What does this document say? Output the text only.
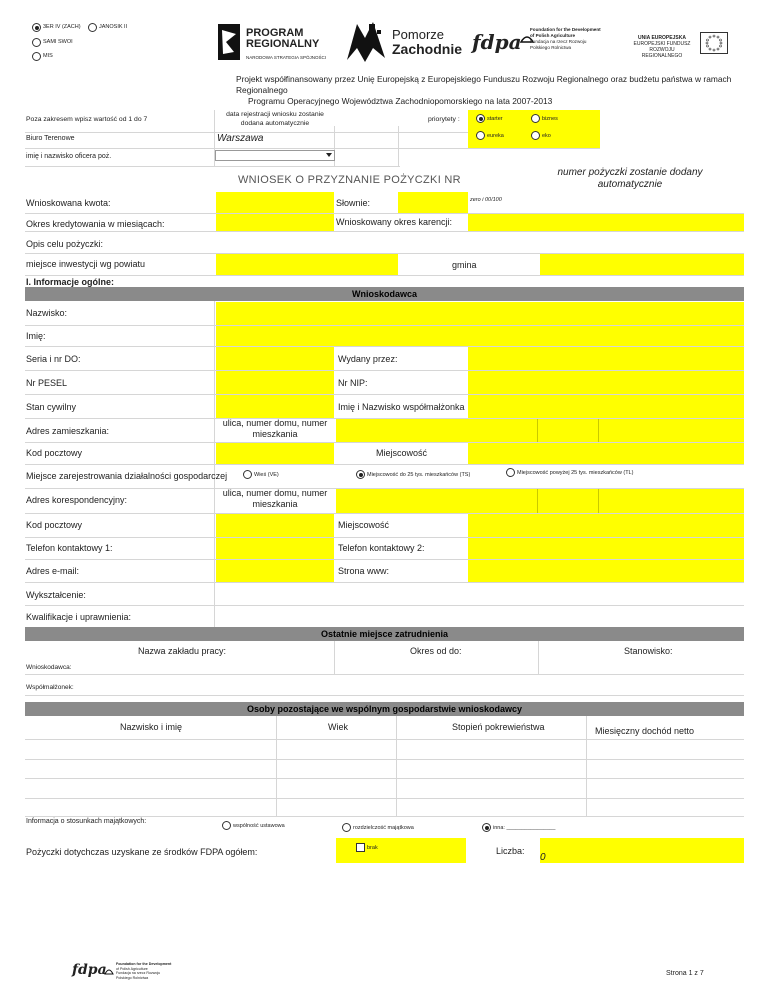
3ER IV (ZACH)	JANOSIK II
SAMI SWOI
MIS
PROGRAM
REGIONALNY
NARODOWA STRATEGIA SPÓJNOŚCI
Pomorze
Zachodnie fdpa
Foundation for the Development
of Polish Agriculture
Fundacja na rzecz Rozwoju
Polskiego Rolnictwa
UNIA EUROPEJSKA
EUROPEJSKI FUNDUSZ
ROZWOJU REGIONALNEGO
Projekt współfinansowany przez Unię Europejską z Europejskiego Funduszu Rozwoju Regionalnego oraz budżetu państwa w ramach Regionalnego
Programu Operacyjnego Województwa Zachodniopomorskiego na lata 2007-2013
Poza zakresem wpisz wartość od 1 do 7
data rejestracji wniosku zostanie
dodana automatycznie
priorytety :	starter	biznes
eureka	eko
Biuro Terenowe	Warszawa
imię i nazwisko oficera poż.
WNIOSEK O PRZYZNANIE POŻYCZKI NR
numer pożyczki zostanie dodany
automatycznie
Wnioskowana kwota:	Słownie:	zero i 00/100
Okres kredytowania w miesiącach:	Wnioskowany okres karencji:
Opis celu pożyczki:
miejsce inwestycji wg powiatu	gmina
I. Informacje ogólne:
Wnioskodawca
Nazwisko:
Imię:
Seria i nr DO:	Wydany przez:
Nr PESEL	Nr NIP:
Stan cywilny	Imię i Nazwisko współmałżonka
Adres zamieszkania:
ulica, numer domu, numer
mieszkania
Kod pocztowy	Miejscowość
Miejsce zarejestrowania działalności gospodarczej	Wieś (VE)	Miejscowość do 25 tys. mieszkańców (TS)	Miejscowość powyżej 25 tys. mieszkańców (TL)
Adres korespondencyjny:
ulica, numer domu, numer
mieszkania
Kod pocztowy	Miejscowość
Telefon kontaktowy 1:	Telefon kontaktowy 2:
Adres e-mail:	Strona www:
Wykształcenie:
Kwalifikacje i uprawnienia:
Ostatnie miejsce zatrudnienia
Nazwa zakładu pracy:	Okres od do:	Stanowisko:
Wnioskodawca:
Współmałżonek:
Osoby pozostające we wspólnym gospodarstwie wnioskodawcy
Nazwisko i imię	Wiek	Stopień pokrewieństwa	Miesięczny dochód netto
Informacja o stosunkach majątkowych:
wspólność ustawowa	rozdzielczość majątkowa	inna: ________________
Pożyczki dotychczas uzyskane ze środków FDPA ogółem:	brak	Liczba:
0
fdpa	Foundation for the Development
of Polish Agriculture
Fundacja na rzecz Rozwoju
Polskiego Rolnictwa
Strona 1 z 7
